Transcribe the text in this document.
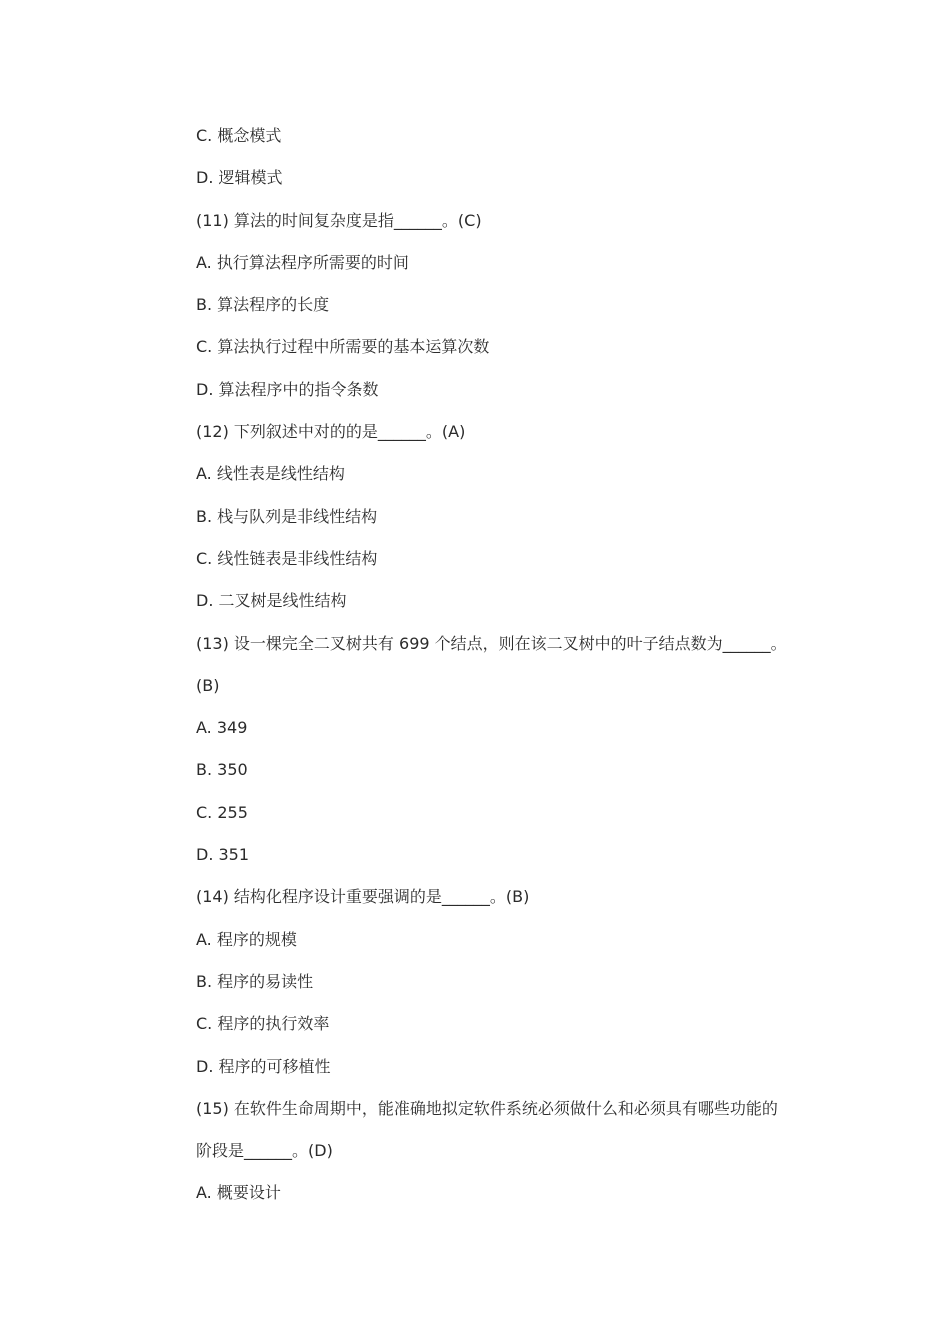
C. 概念模式
D. 逻辑模式
(11) 算法的时间复杂度是指______。(C)
A. 执行算法程序所需要的时间
B. 算法程序的长度
C. 算法执行过程中所需要的基本运算次数
D. 算法程序中的指令条数
(12) 下列叙述中对的的是______。(A)
A. 线性表是线性结构
B. 栈与队列是非线性结构
C. 线性链表是非线性结构
D. 二叉树是线性结构
(13) 设一棵完全二叉树共有 699 个结点，则在该二叉树中的叶子结点数为______。
(B)
A. 349
B. 350
C. 255
D. 351
(14) 结构化程序设计重要强调的是______。(B)
A. 程序的规模
B. 程序的易读性
C. 程序的执行效率
D. 程序的可移植性
(15) 在软件生命周期中，能准确地拟定软件系统必须做什么和必须具有哪些功能的
阶段是______。(D)
A. 概要设计
